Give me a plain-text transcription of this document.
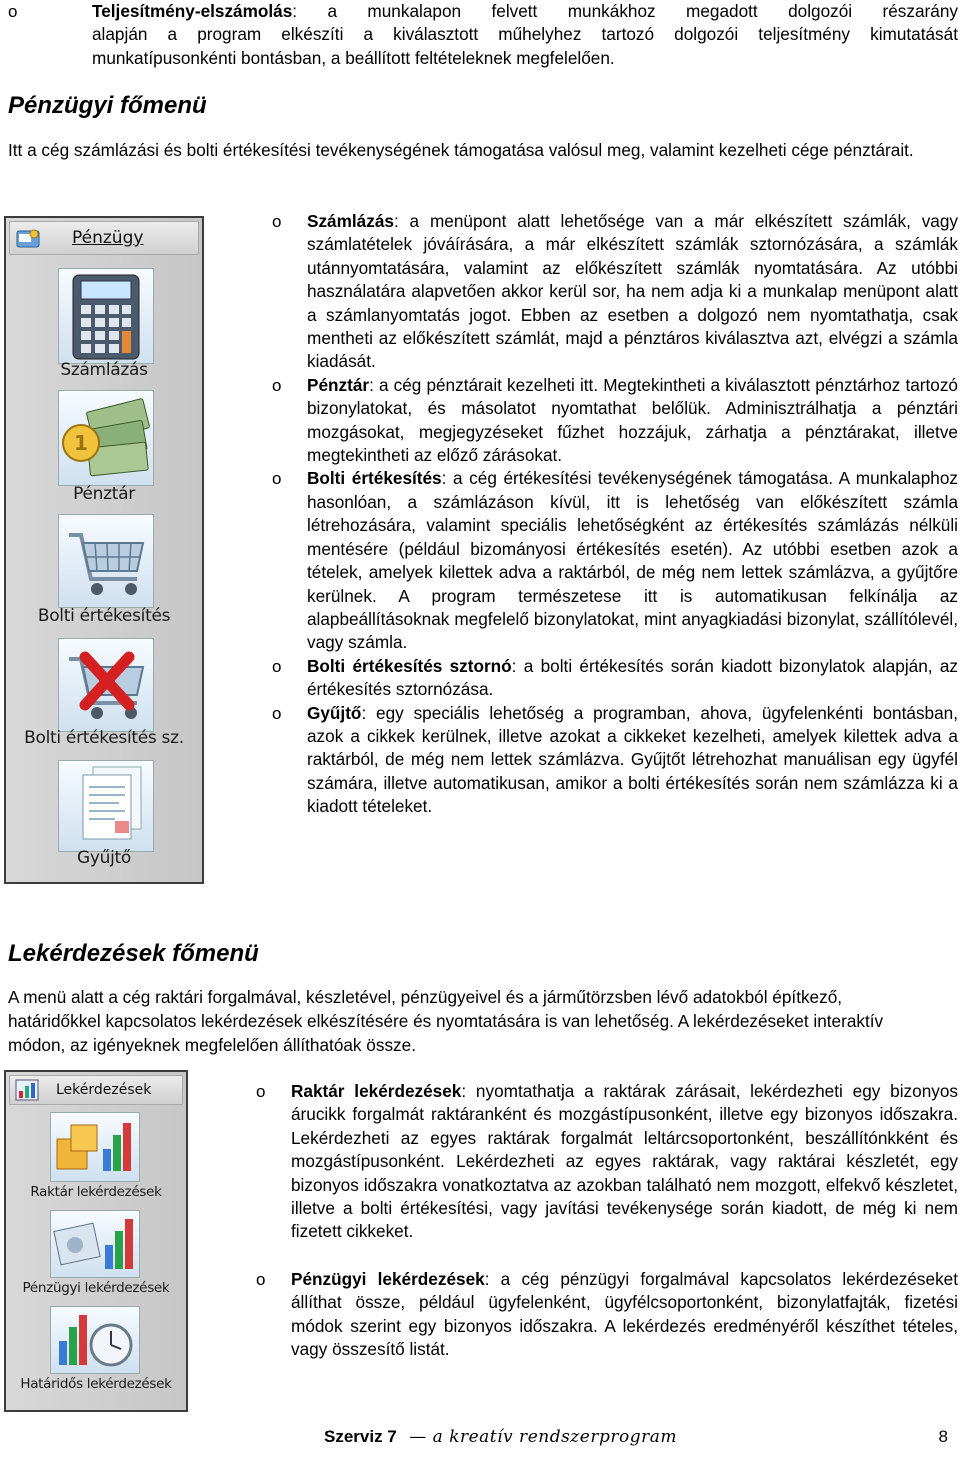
o	Teljesítmény-elszámolás: a munkalapon felvett munkákhoz megadott dolgozói részarány
alapján a program elkészíti a kiválasztott műhelyhez tartozó dolgozói teljesítmény kimutatását
munkatípusonkénti bontásban, a beállított feltételeknek megfelelően.
Pénzügyi főmenü
Itt a cég számlázási és bolti értékesítési tevékenységének támogatása valósul meg, valamint kezelheti cége pénztárait.
Pénzügy
Számlázás
1
Pénztár
Bolti értékesítés
Bolti értékesítés sz.
Gyűjtő
o Számlázás: a menüpont alatt lehetősége van a már elkészített számlák, vagy számlatételek jóváírására, a már elkészített számlák sztornózására, a számlák utánnyomtatására, valamint az előkészített számlák nyomtatására. Az utóbbi használatára alapvetően akkor kerül sor, ha nem adja ki a munkalap menüpont alatt a számlanyomtatás jogot. Ebben az esetben a dolgozó nem nyomtathatja, csak mentheti az előkészített számlát, majd a pénztáros kiválasztva azt, elvégzi a számla kiadását.
o Pénztár: a cég pénztárait kezelheti itt. Megtekintheti a kiválasztott pénztárhoz tartozó bizonylatokat, és másolatot nyomtathat belőlük. Adminisztrálhatja a pénztári mozgásokat, megjegyzéseket fűzhet hozzájuk, zárhatja a pénztárakat, illetve megtekintheti az előző zárásokat.
o Bolti értékesítés: a cég értékesítési tevékenységének támogatása. A munkalaphoz hasonlóan, a számlázáson kívül, itt is lehetőség van előkészített számla létrehozására, valamint speciális lehetőségként az értékesítés számlázás nélküli mentésére (például bizományosi értékesítés esetén). Az utóbbi esetben azok a tételek, amelyek kilettek adva a raktárból, de még nem lettek számlázva, a gyűjtőre kerülnek. A program természetese itt is automatikusan felkínálja az alapbeállításoknak megfelelő bizonylatokat, mint anyagkiadási bizonylat, szállítólevél, vagy számla.
o Bolti értékesítés sztornó: a bolti értékesítés során kiadott bizonylatok alapján, az értékesítés sztornózása.
o Gyűjtő: egy speciális lehetőség a programban, ahova, ügyfelenkénti bontásban, azok a cikkek kerülnek, illetve azokat a cikkeket kezelheti, amelyek kilettek adva a raktárból, de még nem lettek számlázva. Gyűjtőt létrehozhat manuálisan egy ügyfél számára, illetve automatikusan, amikor a bolti értékesítés során nem számlázza ki a kiadott tételeket.
Lekérdezések főmenü
A menü alatt a cég raktári forgalmával, készletével, pénzügyeivel és a járműtörzsben lévő adatokból építkező, határidőkkel kapcsolatos lekérdezések elkészítésére és nyomtatására is van lehetőség. A lekérdezéseket interaktív módon, az igényeknek megfelelően állíthatóak össze.
Lekérdezések
Raktár lekérdezések
Pénzügyi lekérdezések
Határidős lekérdezések
o Raktár lekérdezések: nyomtathatja a raktárak zárásait, lekérdezheti egy bizonyos árucikk forgalmát raktáranként és mozgástípusonként, illetve egy bizonyos időszakra. Lekérdezheti az egyes raktárak forgalmát leltárcsoportonként, beszállítónkként és mozgástípusonként. Lekérdezheti az egyes raktárak, vagy raktárai készletét, egy bizonyos időszakra vonatkoztatva az azokban található nem mozgott, elfekvő készletet, illetve a bolti értékesítési, vagy javítási tevékenysége során kiadott, de még ki nem fizetett cikkeket.
o Pénzügyi lekérdezések: a cég pénzügyi forgalmával kapcsolatos lekérdezéseket állíthat össze, például ügyfelenként, ügyfélcsoportonként, bizonylatfajták, fizetési módok szerint egy bizonyos időszakra. A lekérdezés eredményéről készíthet tételes, vagy összesítő listát.
Szerviz 7 — a kreatív rendszerprogram	8
